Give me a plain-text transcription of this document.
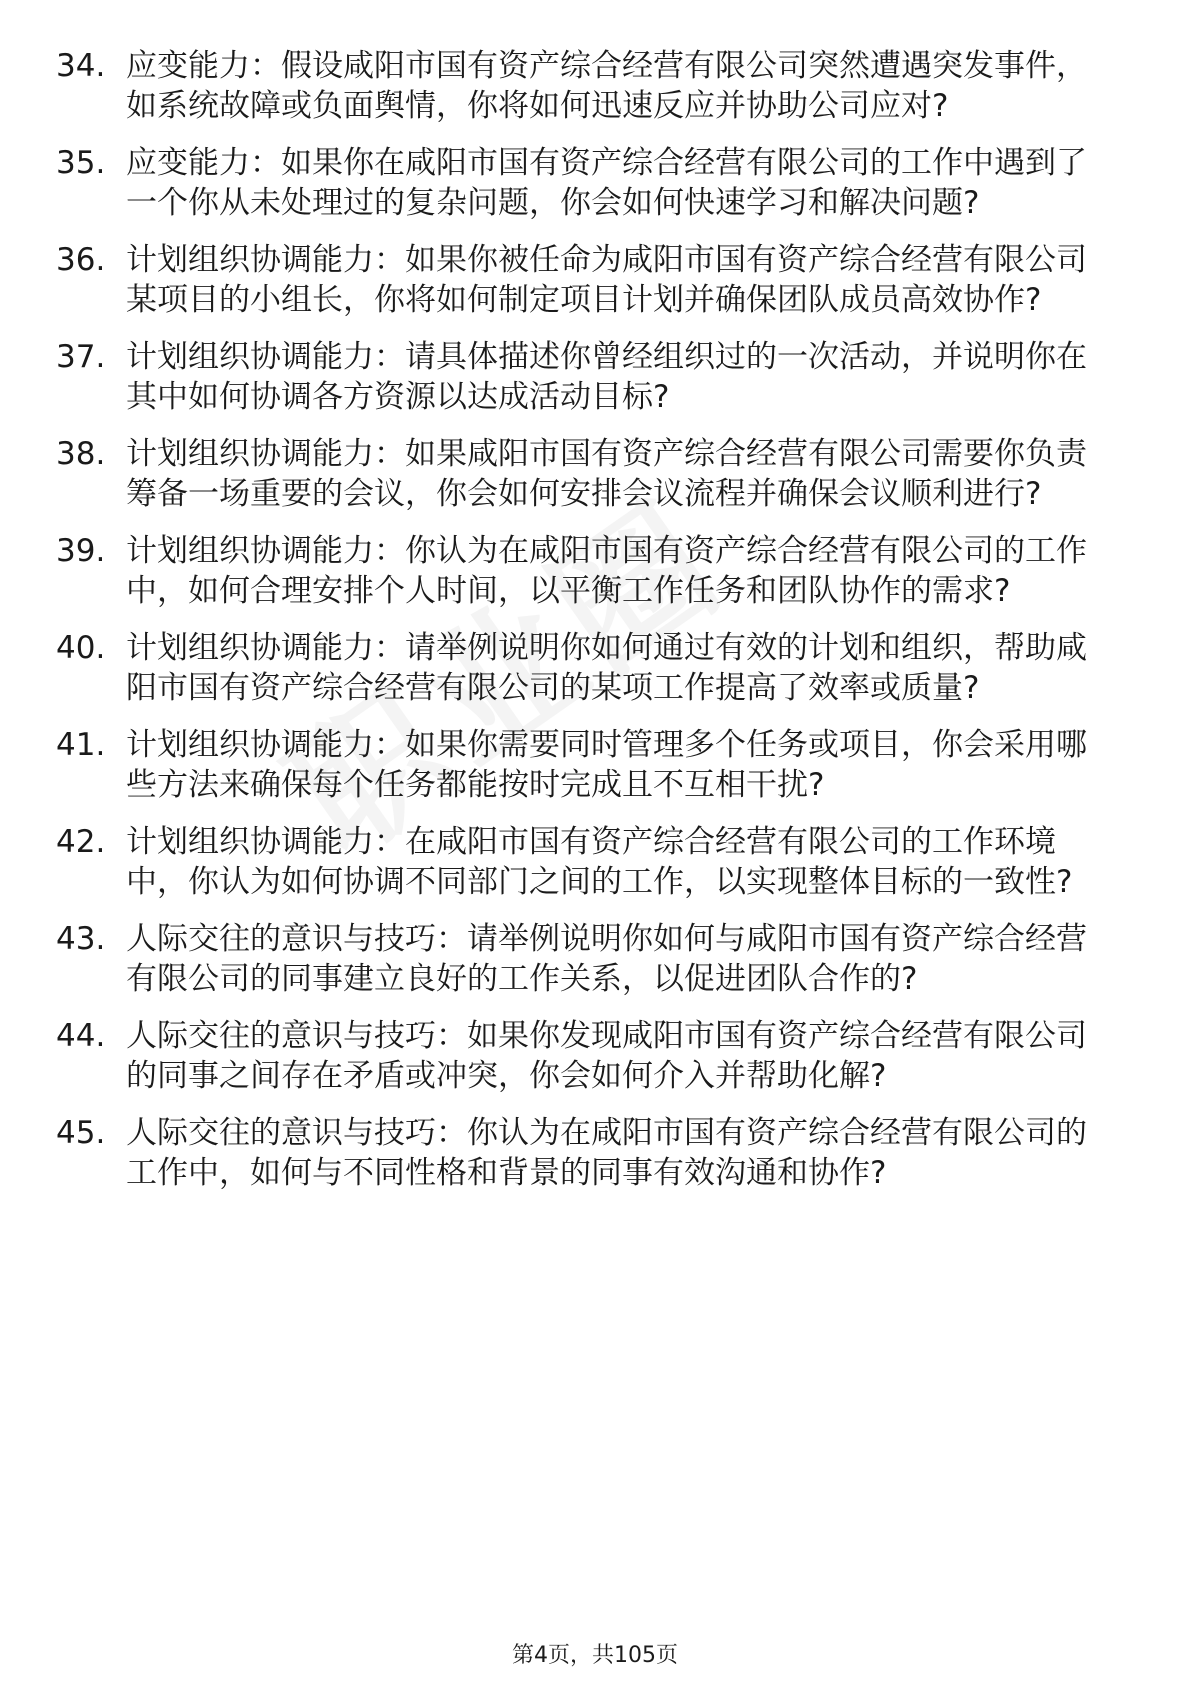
34. 应变能力：假设咸阳市国有资产综合经营有限公司突然遭遇突发事件，如系统故障或负面舆情，你将如何迅速反应并协助公司应对?
35. 应变能力：如果你在咸阳市国有资产综合经营有限公司的工作中遇到了一个你从未处理过的复杂问题，你会如何快速学习和解决问题?
36. 计划组织协调能力：如果你被任命为咸阳市国有资产综合经营有限公司某项目的小组长，你将如何制定项目计划并确保团队成员高效协作?
37. 计划组织协调能力：请具体描述你曾经组织过的一次活动，并说明你在其中如何协调各方资源以达成活动目标?
38. 计划组织协调能力：如果咸阳市国有资产综合经营有限公司需要你负责筹备一场重要的会议，你会如何安排会议流程并确保会议顺利进行?
39. 计划组织协调能力：你认为在咸阳市国有资产综合经营有限公司的工作中，如何合理安排个人时间，以平衡工作任务和团队协作的需求?
40. 计划组织协调能力：请举例说明你如何通过有效的计划和组织，帮助咸阳市国有资产综合经营有限公司的某项工作提高了效率或质量?
41. 计划组织协调能力：如果你需要同时管理多个任务或项目，你会采用哪些方法来确保每个任务都能按时完成且不互相干扰?
42. 计划组织协调能力：在咸阳市国有资产综合经营有限公司的工作环境中，你认为如何协调不同部门之间的工作，以实现整体目标的一致性?
43. 人际交往的意识与技巧：请举例说明你如何与咸阳市国有资产综合经营有限公司的同事建立良好的工作关系，以促进团队合作的?
44. 人际交往的意识与技巧：如果你发现咸阳市国有资产综合经营有限公司的同事之间存在矛盾或冲突，你会如何介入并帮助化解?
45. 人际交往的意识与技巧：你认为在咸阳市国有资产综合经营有限公司的工作中，如何与不同性格和背景的同事有效沟通和协作?
第4页，共105页
